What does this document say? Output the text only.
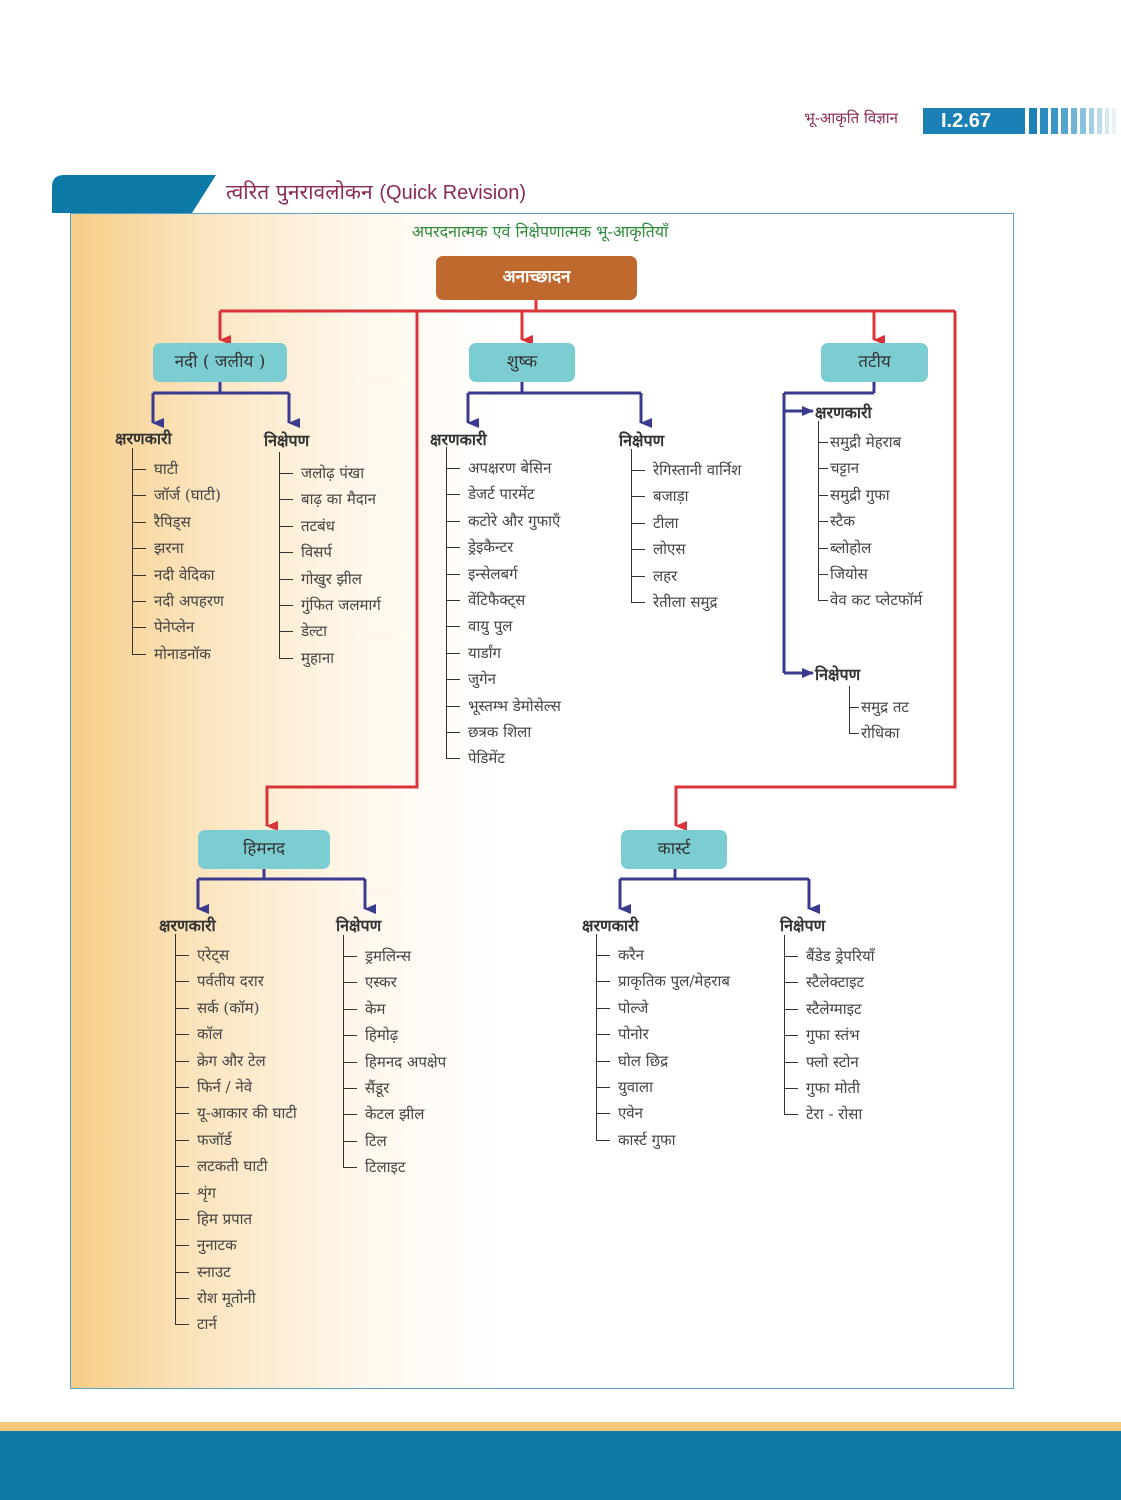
भू-आकृति विज्ञान	I.2.67
त्वरित पुनरावलोकन (Quick Revision)
अपरदनात्मक एवं निक्षेपणात्मक भू-आकृतियाँ
अनाच्छादन
नदी ( जलीय )
क्षरणकारी
घाटी
जॉर्ज (घाटी)
रैपिड्स
झरना
नदी वेदिका
नदी अपहरण
पेनेप्लेन
मोनाडनॉक
निक्षेपण
जलोढ़ पंखा
बाढ़ का मैदान
तटबंध
विसर्प
गोखुर झील
गुंफित जलमार्ग
डेल्टा
मुहाना
शुष्क
क्षरणकारी
अपक्षरण बेसिन
डेजर्ट पारमेंट
कटोरे और गुफाएँ
ड्रेइकैन्टर
इन्सेलबर्ग
वेंटिफैक्ट्स
वायु पुल
यार्डांग
जुगेन
भूस्तम्भ डेमोसेल्स
छत्रक शिला
पेडिमेंट
निक्षेपण
रेगिस्तानी वार्निश
बजाड़ा
टीला
लोएस
लहर
रेतीला समुद्र
तटीय
क्षरणकारी
समुद्री मेहराब
चट्टान
समुद्री गुफा
स्टैक
ब्लोहोल
जियोस
वेव कट प्लेटफॉर्म
निक्षेपण
समुद्र तट
रोधिका
हिमनद
क्षरणकारी
एरेट्स
पर्वतीय दरार
सर्क (कॉम)
कॉल
क्रेग और टेल
फिर्न / नेवे
यू-आकार की घाटी
फजॉर्ड
लटकती घाटी
शृंग
हिम प्रपात
नुनाटक
स्नाउट
रोश मूतोनी
टार्न
निक्षेपण
ड्रमलिन्स
एस्कर
केम
हिमोढ़
हिमनद अपक्षेप
सैंडूर
केटल झील
टिल
टिलाइट
कार्स्ट
क्षरणकारी
करैन
प्राकृतिक पुल/मेहराब
पोल्जे
पोनोर
घोल छिद्र
युवाला
एवेन
कार्स्ट गुफा
निक्षेपण
बैंडेड ड्रेपरियाँ
स्टैलेक्टाइट
स्टैलेग्माइट
गुफा स्तंभ
फ्लो स्टोन
गुफा मोती
टेरा - रोसा
